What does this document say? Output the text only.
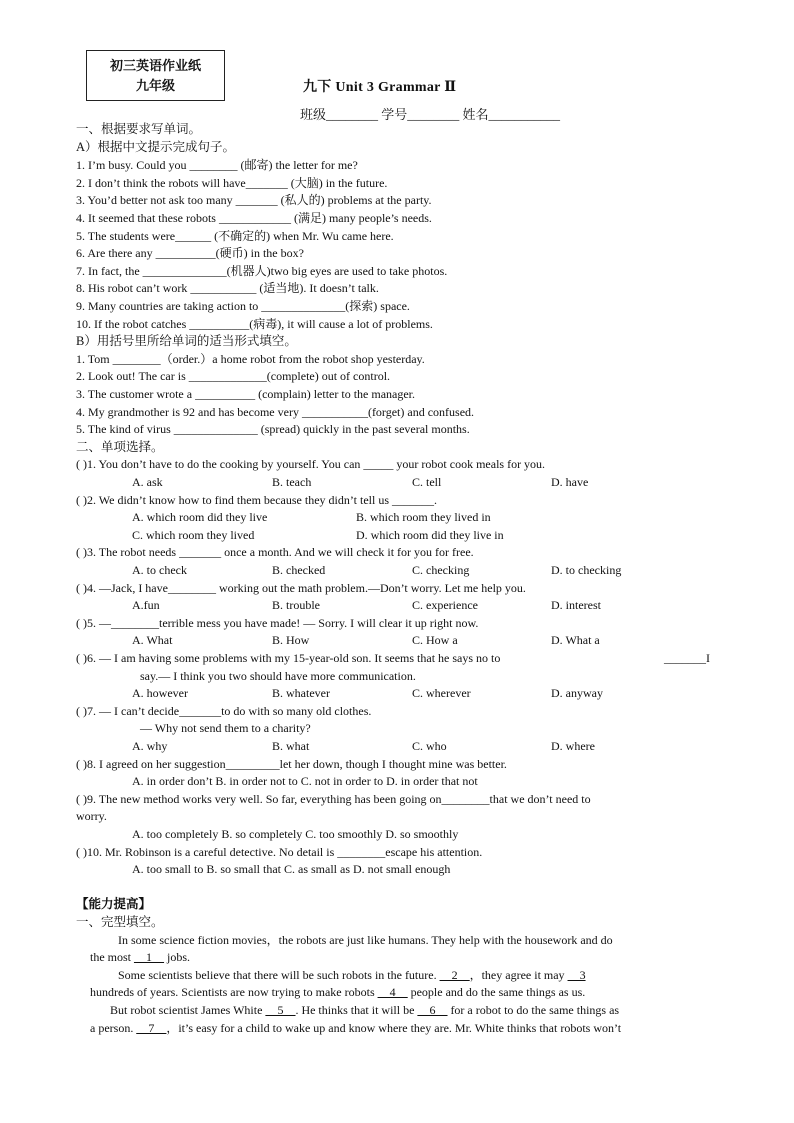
初三英语作业纸
九年级	九下 Unit 3 Grammar Ⅱ
班级________ 学号________ 姓名___________
一、根据要求写单词。
A）根据中文提示完成句子。
1. I’m busy. Could you ________ (邮寄) the letter for me?
2. I don’t think the robots will have_______ (大脑) in the future.
3. You’d better not ask too many _______ (私人的) problems at the party.
4. It seemed that these robots ____________ (满足) many people’s needs.
5. The students were______ (不确定的) when Mr. Wu came here.
6. Are there any __________(硬币) in the box?
7. In fact, the ______________(机器人)two big eyes are used to take photos.
8. His robot can’t work ___________ (适当地). It doesn’t talk.
9. Many countries are taking action to ______________(探索) space.
10. If the robot catches __________(病毒), it will cause a lot of problems.
B）用括号里所给单词的适当形式填空。
1. Tom ________（order.）a home robot from the robot shop yesterday.
2. Look out! The car is _____________(complete) out of control.
3. The customer wrote a __________ (complain) letter to the manager.
4. My grandmother is 92 and has become very ___________(forget) and confused.
5. The kind of virus ______________ (spread) quickly in the past several months.
二、单项选择。
( )1. You don’t have to do the cooking by yourself. You can _____ your robot cook meals for you.
A. ask	B. teach	C. tell	D. have
( )2. We didn’t know how to find them because they didn’t tell us _______.
A. which room did they live	B. which room they lived in
C. which room they lived	D. which room did they live in
( )3. The robot needs _______ once a month. And we will check it for you for free.
A. to check	B. checked	C. checking	D. to checking
( )4. —Jack, I have________ working out the math problem.—Don’t worry. Let me help you.
A.fun	B. trouble	C. experience	D. interest
( )5. —________terrible mess you have made! — Sorry. I will clear it up right now.
A. What	B. How	C. How a	D. What a
( )6. — I am having some problems with my 15-year-old son. It seems that he says no to	_______I
say.— I think you two should have more communication.
A. however	B. whatever	C. wherever	D. anyway
( )7. — I can’t decide_______to do with so many old clothes.
— Why not send them to a charity?
A. why	B. what	C. who	D. where
( )8. I agreed on her suggestion_________let her down, though I thought mine was better.
A. in order don’t B. in order not to C. not in order to D. in order that not
( )9. The new method works very well. So far, everything has been going on________that we don’t need to
worry.
A. too completely B. so completely C. too smoothly D. so smoothly
( )10. Mr. Robinson is a careful detective. No detail is ________escape his attention.
A. too small to B. so small that C. as small as D. not small enough
【能力提高】
一、完型填空。
In some science fiction movies，the robots are just like humans. They help with the housework and do
the most __1__ jobs.
Some scientists believe that there will be such robots in the future. __2__，they agree it may __3
hundreds of years. Scientists are now trying to make robots __4__ people and do the same things as us.
But robot scientist James White __5__. He thinks that it will be __6__ for a robot to do the same things as
a person. __7__，it’s easy for a child to wake up and know where they are. Mr. White thinks that robots won’t
